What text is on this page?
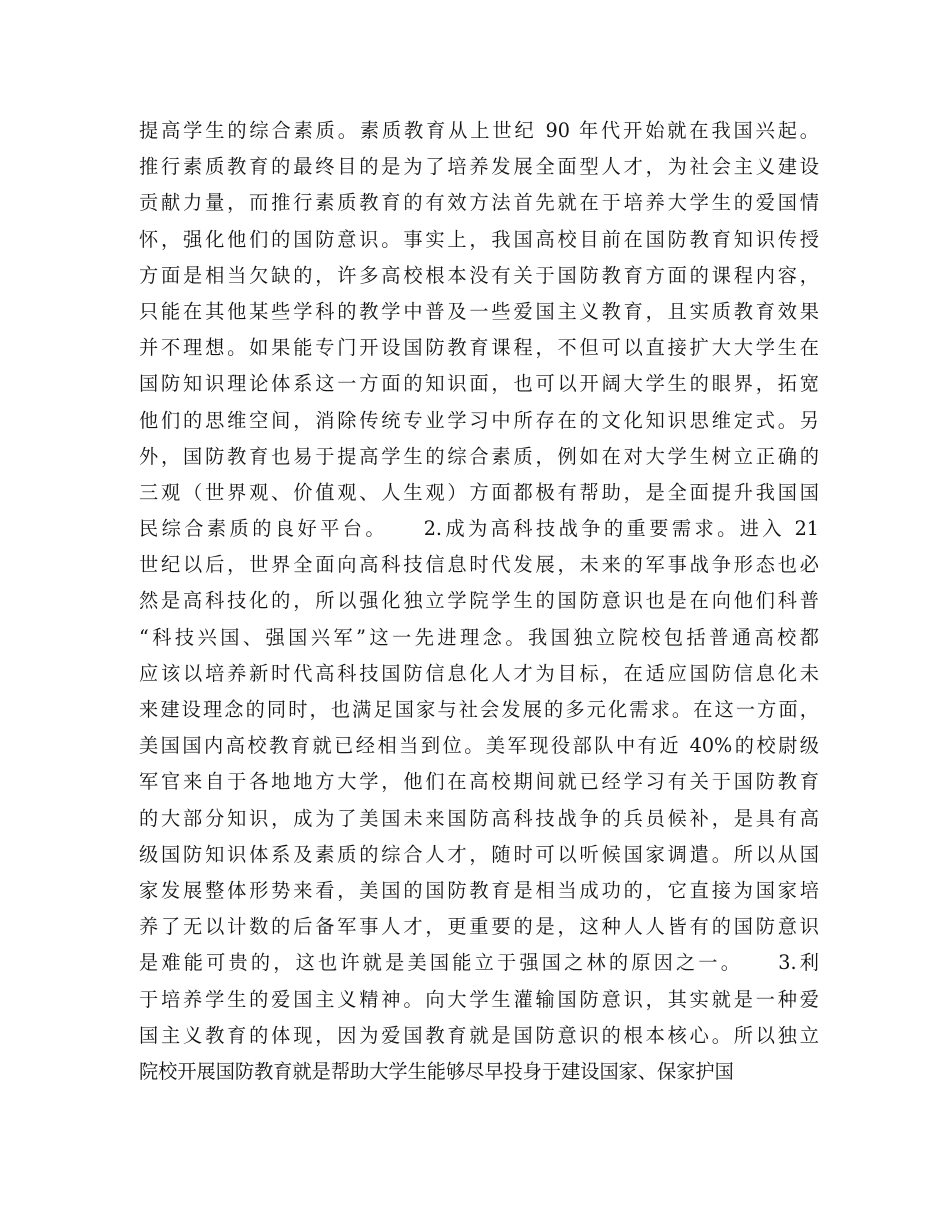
提高学生的综合素质。素质教育从上世纪 90 年代开始就在我国兴起。
推行素质教育的最终目的是为了培养发展全面型人才，为社会主义建设
贡献力量，而推行素质教育的有效方法首先就在于培养大学生的爱国情
怀，强化他们的国防意识。事实上，我国高校目前在国防教育知识传授
方面是相当欠缺的，许多高校根本没有关于国防教育方面的课程内容，
只能在其他某些学科的教学中普及一些爱国主义教育，且实质教育效果
并不理想。如果能专门开设国防教育课程，不但可以直接扩大大学生在
国防知识理论体系这一方面的知识面，也可以开阔大学生的眼界，拓宽
他们的思维空间，消除传统专业学习中所存在的文化知识思维定式。另
外，国防教育也易于提高学生的综合素质，例如在对大学生树立正确的
三观（世界观、价值观、人生观）方面都极有帮助，是全面提升我国国
民综合素质的良好平台。　　2.成为高科技战争的重要需求。进入 21
世纪以后，世界全面向高科技信息时代发展，未来的军事战争形态也必
然是高科技化的，所以强化独立学院学生的国防意识也是在向他们科普
“科技兴国、强国兴军”这一先进理念。我国独立院校包括普通高校都
应该以培养新时代高科技国防信息化人才为目标，在适应国防信息化未
来建设理念的同时，也满足国家与社会发展的多元化需求。在这一方面，
美国国内高校教育就已经相当到位。美军现役部队中有近 40%的校尉级
军官来自于各地地方大学，他们在高校期间就已经学习有关于国防教育
的大部分知识，成为了美国未来国防高科技战争的兵员候补，是具有高
级国防知识体系及素质的综合人才，随时可以听候国家调遣。所以从国
家发展整体形势来看，美国的国防教育是相当成功的，它直接为国家培
养了无以计数的后备军事人才，更重要的是，这种人人皆有的国防意识
是难能可贵的，这也许就是美国能立于强国之林的原因之一。　　3.利
于培养学生的爱国主义精神。向大学生灌输国防意识，其实就是一种爱
国主义教育的体现，因为爱国教育就是国防意识的根本核心。所以独立
院校开展国防教育就是帮助大学生能够尽早投身于建设国家、保家护国
